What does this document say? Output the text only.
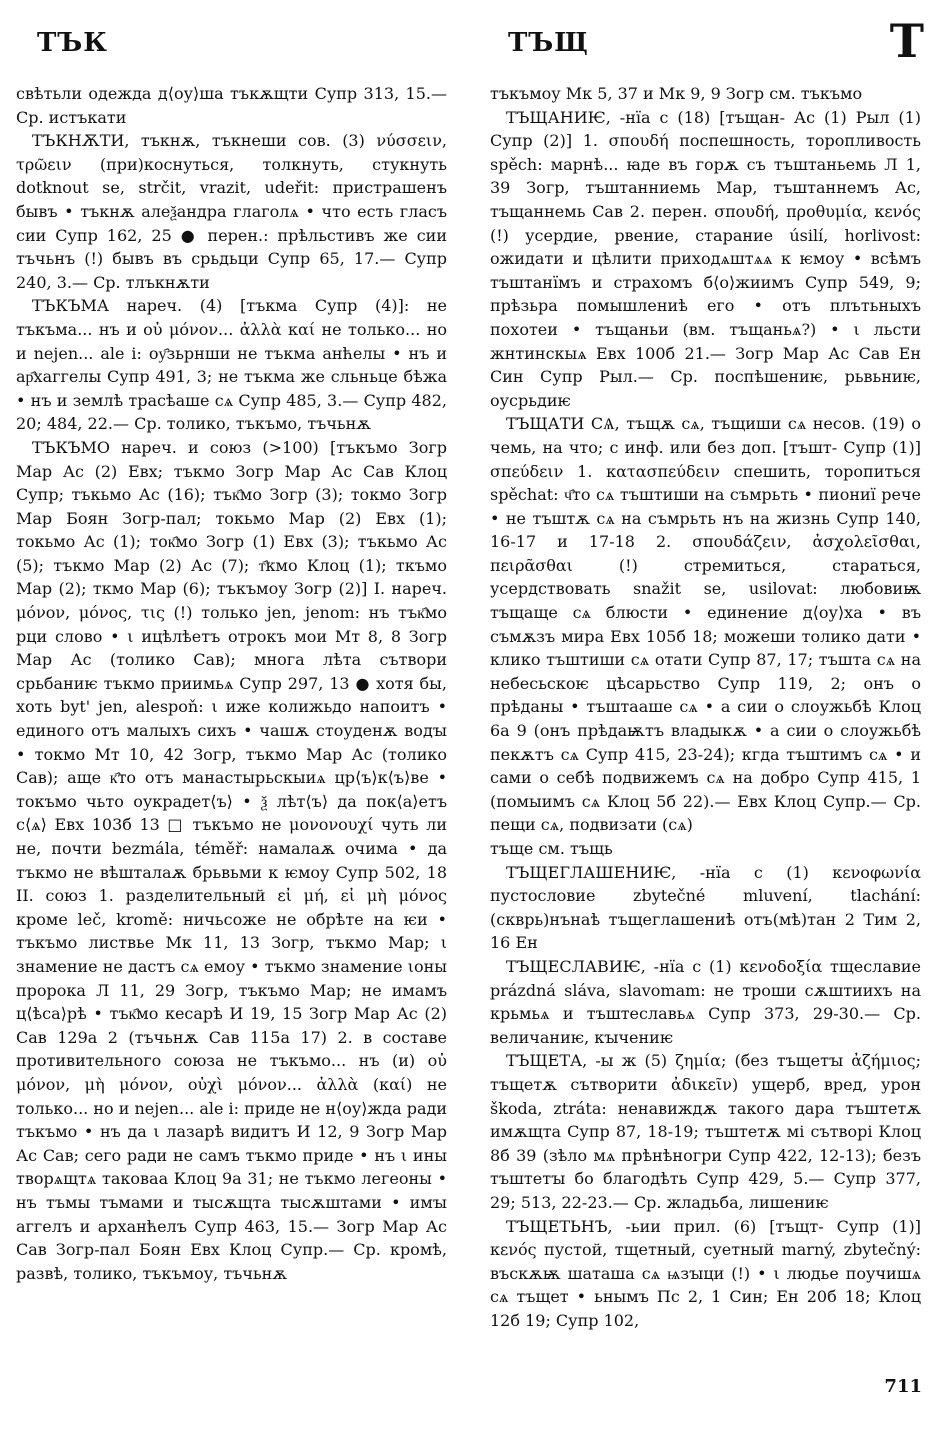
ТЪК	ТЪЩ	Т

свѣтьли одежда д⟨оу⟩ша тъкѫщти Супр 313, 15.— Ср. истъкати

ТЪКНѪТИ, тъкнѫ, тъкнеши сов. (3) νύσσειν, τρῶειν (при)коснуться, толкнуть, стукнуть dotknout se, strčit, vrazit, udeřit: пристрашенъ бывъ • тъкнѫ алеѯандра глаголѧ • что есть гласъ сии Супр 162, 25 ● перен.: прѣльстивъ же сии тъчьнъ (!) бывъ въ срьдьци Супр 65, 17.— Супр 240, 3.— Ср. тлъкнѫти

ТЪКЪМА нареч. (4) [тъкма Супр (4)]: не тъкъма... нъ и οὐ μόνον... ἀλλὰ καί не только... но и nejen... ale i: оу҄зьрнши не тъкма анћелы • нъ и ар҄хаггелы Супр 491, 3; не тъкма же сльньце бѣжа • нъ и землѣ трасѣаше сѧ Супр 485, 3.— Супр 482, 20; 484, 22.— Ср. толико, тъкъмо, тъчьнѫ

ТЪКЪМО нареч. и союз (>100) [тъкъмо Зогр Мар Ас (2) Евх; тъкмо Зогр Мар Ас Сав Клоц Супр; тъкьмо Ас (16); тък҄мо Зогр (3); токмо Зогр Мар Боян Зогр-пал; токьмо Мар (2) Евх (1); токьмо Ас (1); ток҄мо Зогр (1) Евх (3); тъкьмо Ас (5); тъкмо Мар (2) Ас (7); т҄кмо Клоц (1); ткъмо Мар (2); ткмо Мар (6); тъкъмоу Зогр (2)] I. нареч. μόνον, μόνος, τις (!) только jen, jenom: нъ тък҄мо рци слово • ι ицѣлѣетъ отрокъ мои Мт 8, 8 Зогр Мар Ас (толико Сав); многа лѣта сътвори срьбаниѥ тъкмо приимьѧ Супр 297, 13 ● хотя бы, хоть byt' jen, alespoň: ι иже колижьдо напоитъ • единого отъ малыхъ сихъ • чашѫ стоуденѫ водꙑ • токмо Мт 10, 42 Зогр, тъкмо Мар Ас (толико Сав); аще к҄то отъ манастырьскыиѧ цр⟨ъ⟩к⟨ъ⟩ве • токъмо чьто оукрадет⟨ъ⟩ • ѯ лѣт⟨ъ⟩ да пок⟨а⟩етъ с⟨ѧ⟩ Евх 103б 13 □ тъкъмо не μονονουχί чуть ли не, почти bezmála, téměř: намалаѫ очима • да тъкмо не вѣшталаѫ брьвьми к ѥмоу Супр 502, 18 II. союз 1. разделительный εἰ μή, εἰ μὴ μόνος кроме leč, kromě: ничьсоже не обрѣте на ѥи • тъкъмо листвье Мк 11, 13 Зогр, тъкмо Мар; ι знамение не дастъ сѧ емоу • тъкмо знамение ιоны пророка Л 11, 29 Зогр, тъкъмо Мар; не имамъ ц⟨ѣса⟩рѣ • тък҄мо кесарѣ И 19, 15 Зогр Мар Ас (2) Сав 129а 2 (тъчьнѫ Сав 115а 17) 2. в составе противительного союза не тъкъмо... нъ (и) οὐ μόνον, μὴ μόνον, οὐχὶ μόνον... ἀλλὰ (καί) не только... но и nejen... ale i: приде не н⟨оу⟩жда ради тъкъмо • нъ да ι лазарѣ видитъ И 12, 9 Зогр Мар Ас Сав; сего ради не самъ тъкмо приде • нъ ι ины творѧщтѧ таковаа Клоц 9а 31; не тъкмо легеоны • нъ тъмы тъмами и тысѫщта тысѫштами • имꙑ аггелъ и арханћелъ Супр 463, 15.— Зогр Мар Ас Сав Зогр-пал Боян Евх Клоц Супр.— Ср. кромѣ, развѣ, толико, тъкъмоу, тъчьнѫ

тъкъмоу Мк 5, 37 и Мк 9, 9 Зогр см. тъкъмо

ТЪЩАНИѤ, -нїа с (18) [тъщан- Ас (1) Рыл (1) Супр (2)] 1. σπουδή поспешность, торопливость spěch: марнѣ... ꙗде въ горѫ съ тъштаньемь Л 1, 39 Зогр, тъштанниемь Мар, тъштаннемъ Ас, тъщаннемь Сав 2. перен. σπουδή, προθυμία, κενός (!) усердие, рвение, старание úsilí, horlivost: ожидати и цѣлити приходѧштѧѧ к ѥмоу • всѣмъ тъштанїмъ и страхомъ б⟨о⟩жиимъ Супр 549, 9; прѣзьра помышлениѣ его • отъ плътьныхъ похотеи • тъщаньи (вм. тъщаньѧ?) • ι льсти жнтинскыѧ Евх 100б 21.— Зогр Мар Ас Сав Ен Син Супр Рыл.— Ср. поспѣшениѥ, рьвьниѥ, оусрьдиѥ

ТЪЩАТИ СѦ, тъщѫ сѧ, тъщиши сѧ несов. (19) о чемь, на что; с инф. или без доп. [тъшт- Супр (1)] σπεύδειν 1. κατασπεύδειν спешить, торопиться spěchat: ч҄то сѧ тъштиши на съмрьть • пиониї рече • не тъштѫ сѧ на съмрьть нъ на жизнь Супр 140, 16-17 и 17-18 2. σπουδάζειν, ἀσχολεῖσθαι, πειρᾶσθαι (!) стремиться, стараться, усердствовать snažit se, usilovat: любовиѭ тъщаще сѧ блюсти • единение д⟨оу⟩ха • въ съмѫзъ мира Евх 105б 18; можеши толико дати • клико тъштиши сѧ отати Супр 87, 17; тъшта сѧ на небесьскоѥ цѣсарьство Супр 119, 2; онъ о прѣданы • тъштааше сѧ • а сии о слоужьбѣ Клоц 6а 9 (онъ прѣдаѭтъ владыкѫ • а сии о слоужьбѣ пекѫтъ сѧ Супр 415, 23-24); кгда тъштимъ сѧ • и сами о себѣ подвижемъ сѧ на добро Супр 415, 1 (помыимъ сѧ Клоц 5б 22).— Евх Клоц Супр.— Ср. пещи сѧ, подвизати (сѧ)

тъще см. тъщь

ТЪЩЕГЛАШЕНИѤ, -нїа с (1) κενοφωνία пустословие zbytečné mluvení, tlachání: (скврь)нънаѣ тъщеглашениѣ отъ(мѣ)тан 2 Тим 2, 16 Ен

ТЪЩЕСЛАВИѤ, -нїа с (1) κενοδοξία тщеславие prázdná sláva, slavomam: не троши сѫштиихъ на крьмьѧ и тъштеславьѧ Супр 373, 29-30.— Ср. величаниѥ, кꙑчениѥ

ТЪЩЕТА, -ы ж (5) ζημία; (без тъщетꙑ ἀζήμιος; тъщетѫ сътворити ἀδικεῖν) ущерб, вред, урон škoda, ztráta: ненавиждѫ такого дара тъштетѫ имѫщта Супр 87, 18-19; тъштетѫ мі сътворі Клоц 8б 39 (зѣло мѧ прѣнѣногри Супр 422, 12-13); безъ тъштетꙑ бо благодѣть Супр 429, 5.— Супр 377, 29; 513, 22-23.— Ср. жладьба, лишениѥ

ТЪЩЕТЬНЪ, -ьии прил. (6) [тъщт- Супр (1)] κενός пустой, тщетный, суетный marný, zbytečný: въскѫѭ шаташа сѧ ѩзꙑци (!) • ι людье поучишѧ сѧ тъщет • ьнымъ Пс 2, 1 Син; Ен 20б 18; Клоц 12б 19; Супр 102,

711
